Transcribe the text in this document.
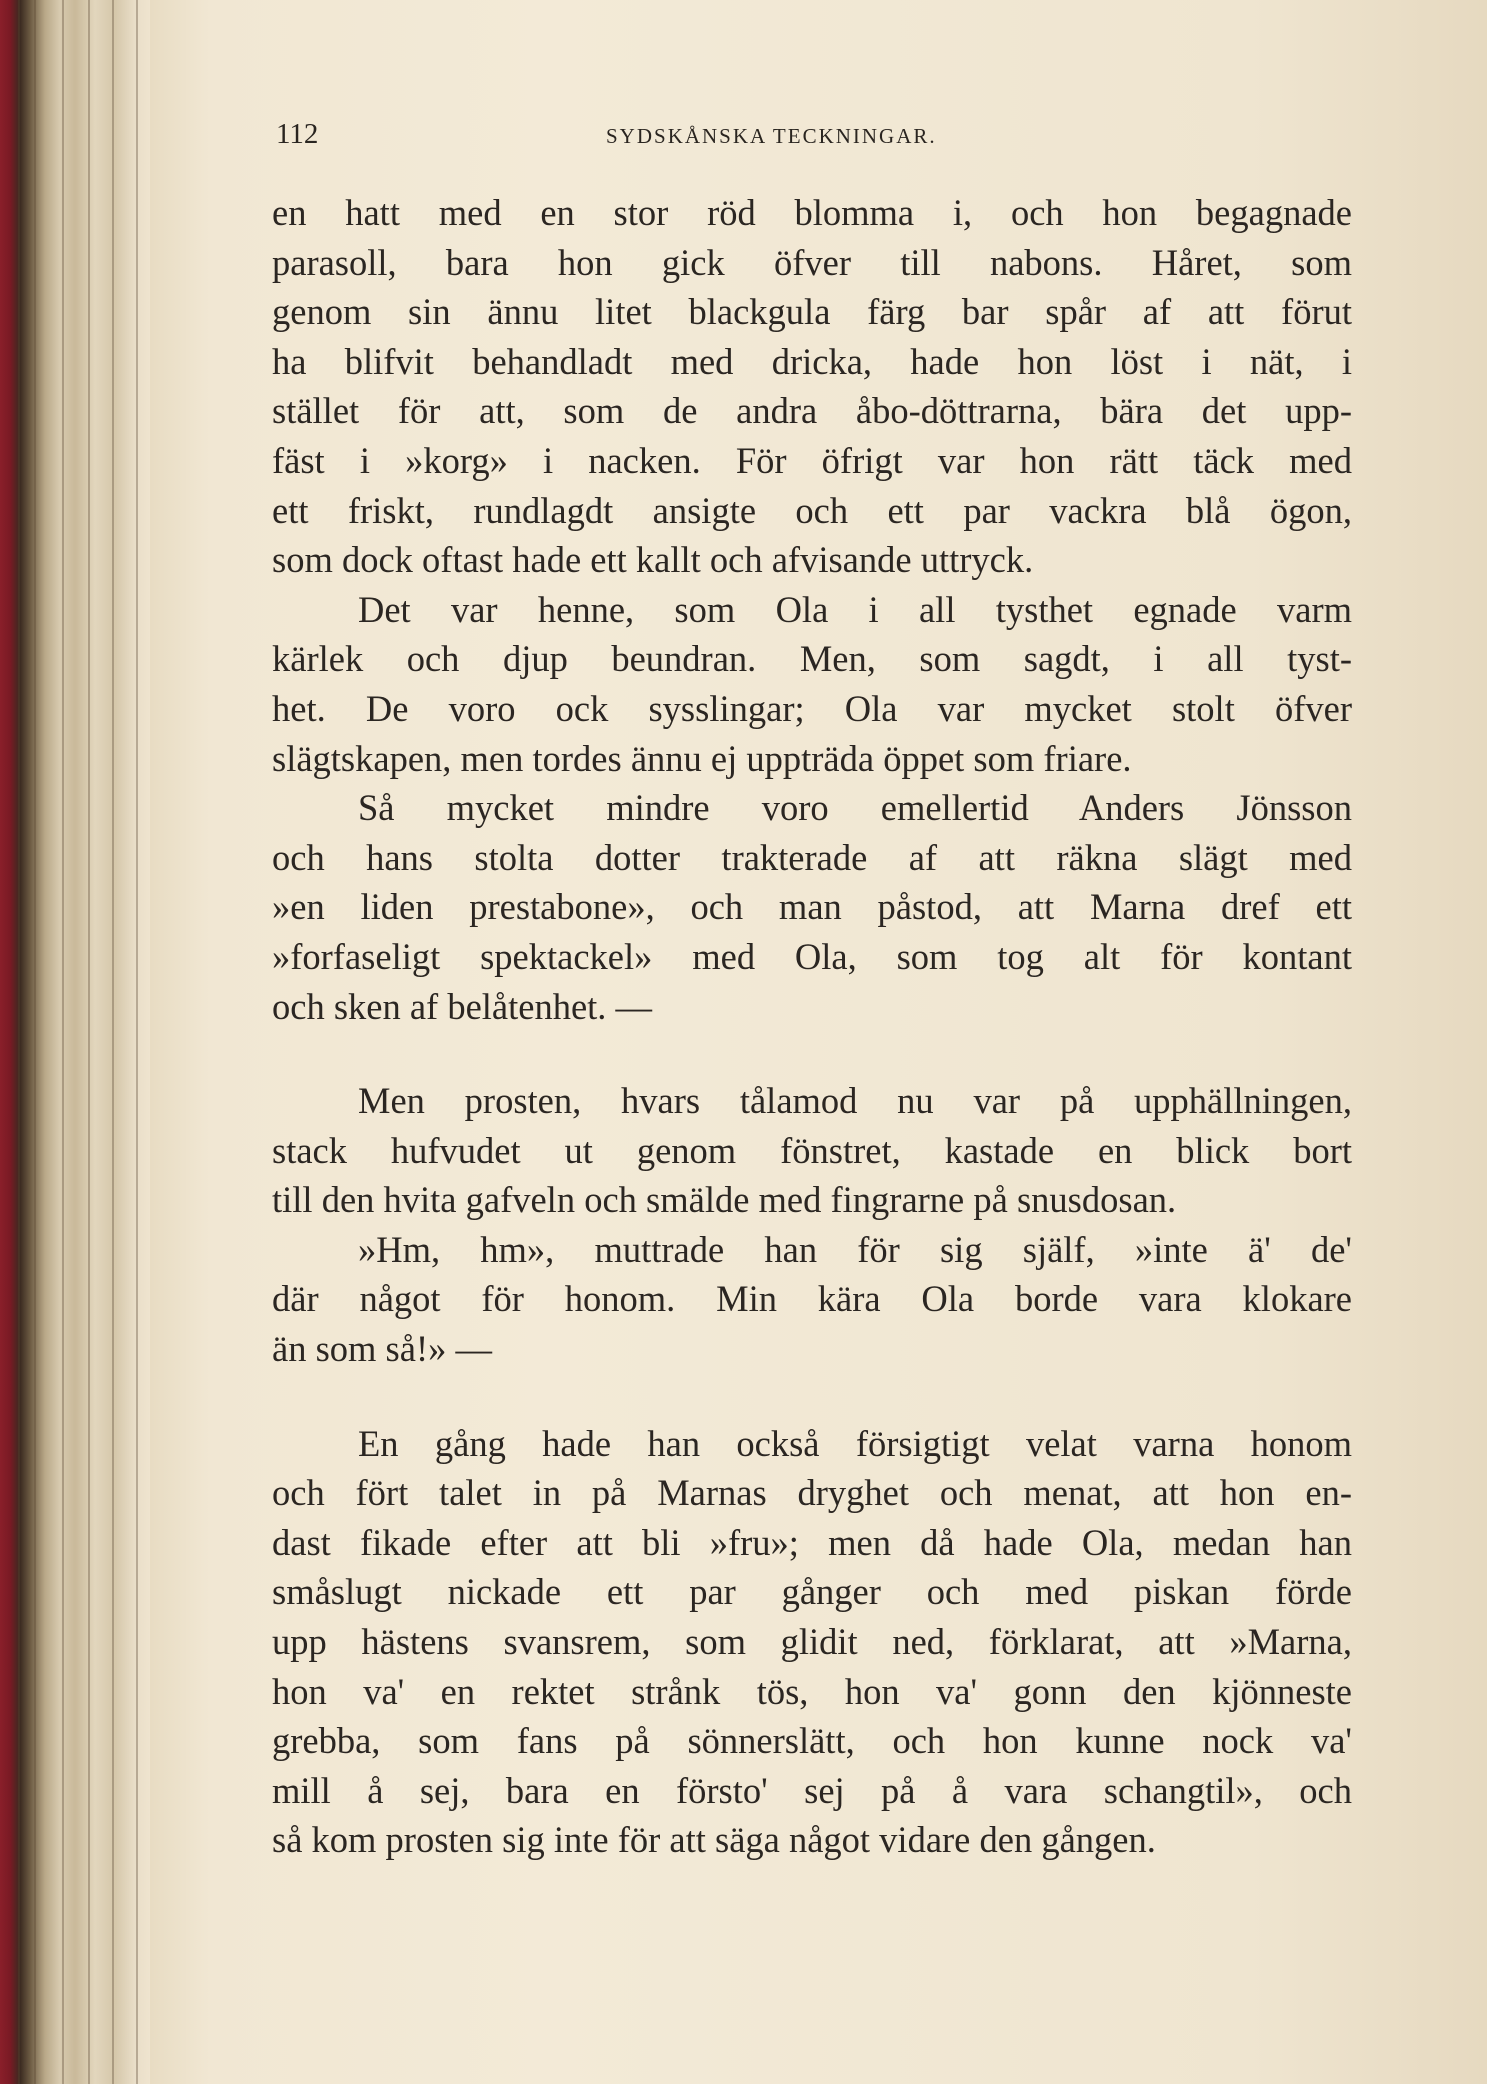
112	SYDSKÅNSKA TECKNINGAR.
en hatt med en stor röd blomma i, och hon begagnade
parasoll, bara hon gick öfver till nabons. Håret, som
genom sin ännu litet blackgula färg bar spår af att förut
ha blifvit behandladt med dricka, hade hon löst i nät, i
stället för att, som de andra åbo-döttrarna, bära det upp-
fäst i »korg» i nacken. För öfrigt var hon rätt täck med
ett friskt, rundlagdt ansigte och ett par vackra blå ögon,
som dock oftast hade ett kallt och afvisande uttryck.
Det var henne, som Ola i all tysthet egnade varm
kärlek och djup beundran. Men, som sagdt, i all tyst-
het. De voro ock sysslingar; Ola var mycket stolt öfver
slägtskapen, men tordes ännu ej uppträda öppet som friare.
Så mycket mindre voro emellertid Anders Jönsson
och hans stolta dotter trakterade af att räkna slägt med
»en liden prestabone», och man påstod, att Marna dref ett
»forfaseligt spektackel» med Ola, som tog alt för kontant
och sken af belåtenhet. —
Men prosten, hvars tålamod nu var på upphällningen,
stack hufvudet ut genom fönstret, kastade en blick bort
till den hvita gafveln och smälde med fingrarne på snusdosan.
»Hm, hm», muttrade han för sig själf, »inte ä' de'
där något för honom. Min kära Ola borde vara klokare
än som så!» —
En gång hade han också försigtigt velat varna honom
och fört talet in på Marnas dryghet och menat, att hon en-
dast fikade efter att bli »fru»; men då hade Ola, medan han
småslugt nickade ett par gånger och med piskan förde
upp hästens svansrem, som glidit ned, förklarat, att »Marna,
hon va' en rektet strånk tös, hon va' gonn den kjönneste
grebba, som fans på sönnerslätt, och hon kunne nock va'
mill å sej, bara en förstо' sej på å vara schangtil», och
så kom prosten sig inte för att säga något vidare den gången.
